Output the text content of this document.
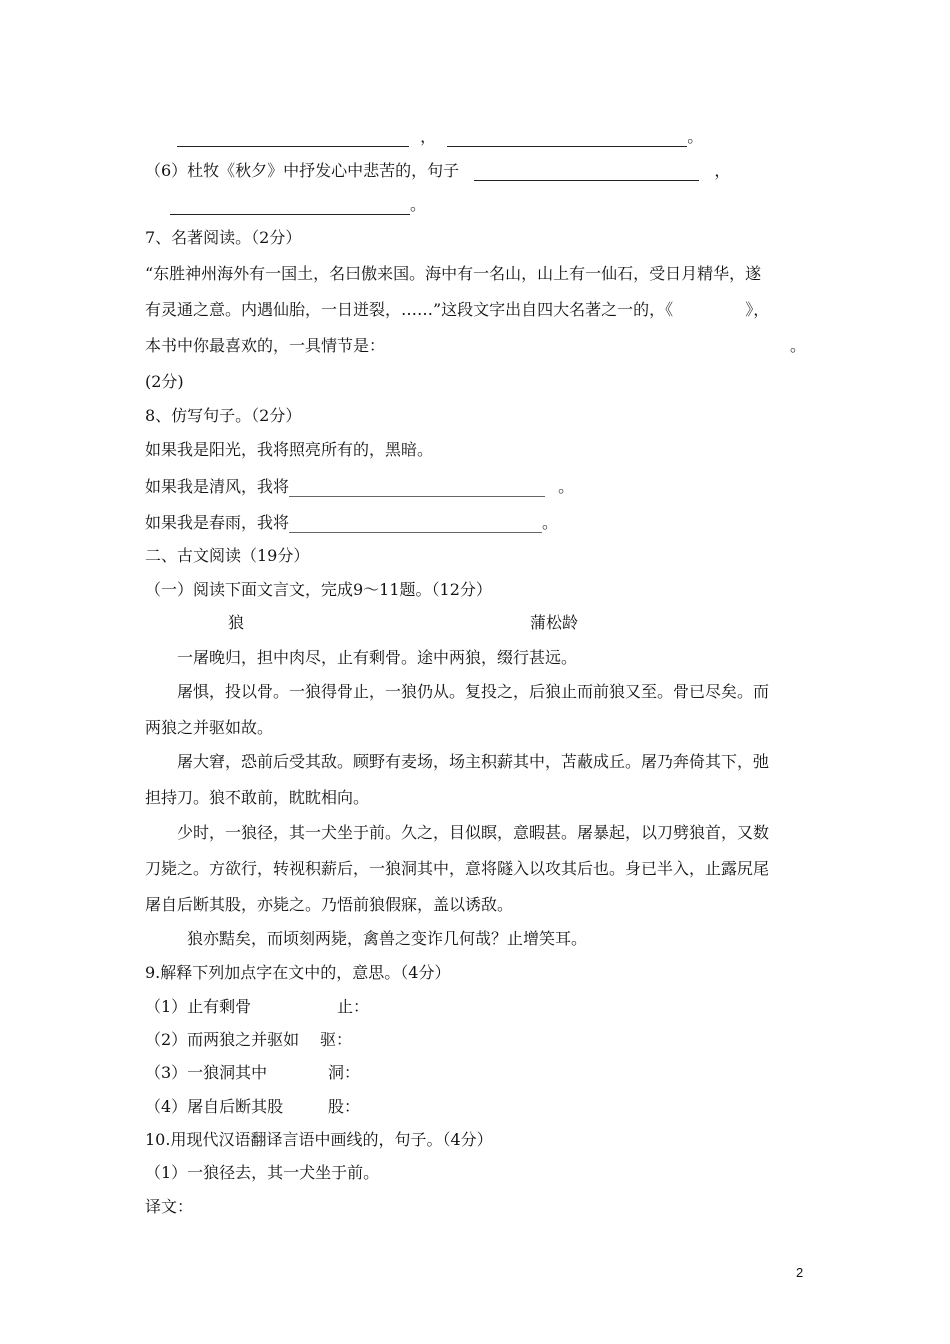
，	。
（6）杜牧《秋夕》中抒发心中悲苦的，句子	，
。
7、名著阅读。（2分）
“东胜神州海外有一国土，名曰傲来国。海中有一名山，山上有一仙石，受日月精华，遂
有灵通之意。内遇仙胎，一日迸裂，……”这段文字出自四大名著之一的，《	》，
本书中你最喜欢的，一具情节是：	。
(2分)
8、仿写句子。（2分）
如果我是阳光，我将照亮所有的，黑暗。
如果我是清风，我将	。
如果我是春雨，我将	。
二、古文阅读（19分）
（一）阅读下面文言文，完成9～11题。（12分）
狼	蒲松龄
一屠晚归，担中肉尽，止有剩骨。途中两狼，缀行甚远。
屠惧，投以骨。一狼得骨止，一狼仍从。复投之，后狼止而前狼又至。骨已尽矣。而
两狼之并驱如故。
屠大窘，恐前后受其敌。顾野有麦场，场主积薪其中，苫蔽成丘。屠乃奔倚其下，弛
担持刀。狼不敢前，眈眈相向。
少时，一狼径，其一犬坐于前。久之，目似瞑，意暇甚。屠暴起，以刀劈狼首，又数
刀毙之。方欲行，转视积薪后，一狼洞其中，意将隧入以攻其后也。身已半入，止露尻尾
屠自后断其股，亦毙之。乃悟前狼假寐，盖以诱敌。
狼亦黠矣，而顷刻两毙，禽兽之变诈几何哉？止增笑耳。
9.解释下列加点字在文中的，意思。（4分）
（1）止有剩骨	止：
（2）而两狼之并驱如 驱：
（3）一狼洞其中	洞：
（4）屠自后断其股	股：
10.用现代汉语翻译言语中画线的，句子。（4分）
（1）一狼径去，其一犬坐于前。
译文：
2
